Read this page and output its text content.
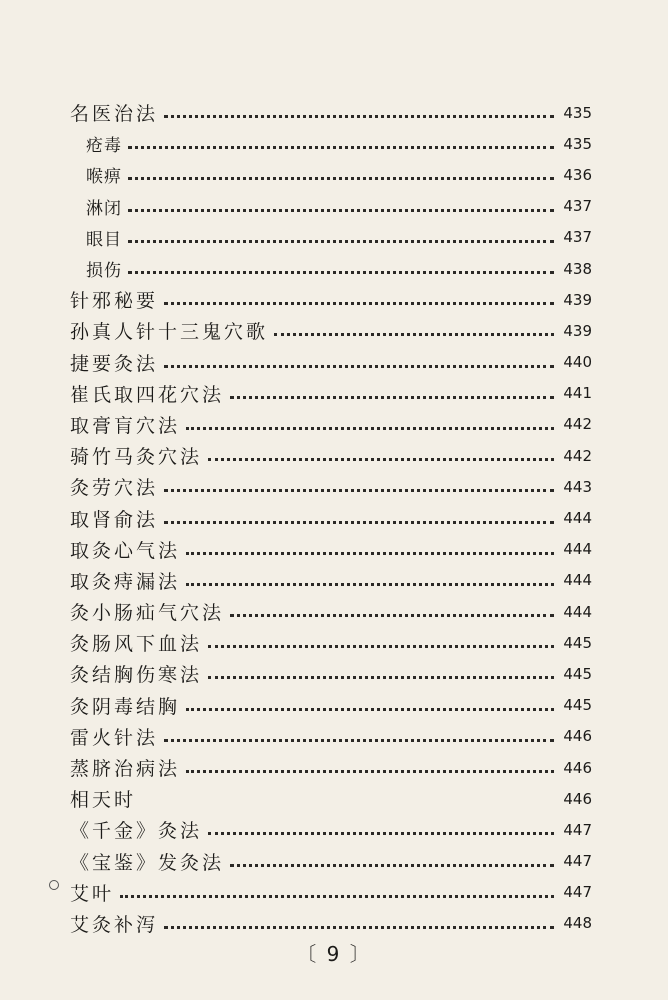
名医治法	435
疮毒	435
喉痹	436
淋闭	437
眼目	437
损伤	438
针邪秘要	439
孙真人针十三鬼穴歌	439
捷要灸法	440
崔氏取四花穴法	441
取膏肓穴法	442
骑竹马灸穴法	442
灸劳穴法	443
取肾俞法	444
取灸心气法	444
取灸痔漏法	444
灸小肠疝气穴法	444
灸肠风下血法	445
灸结胸伤寒法	445
灸阴毒结胸	445
雷火针法	446
蒸脐治病法	446
相天时	446
《千金》灸法	447
《宝鉴》发灸法	447
艾叶	447
艾灸补泻	448
〔 9 〕
